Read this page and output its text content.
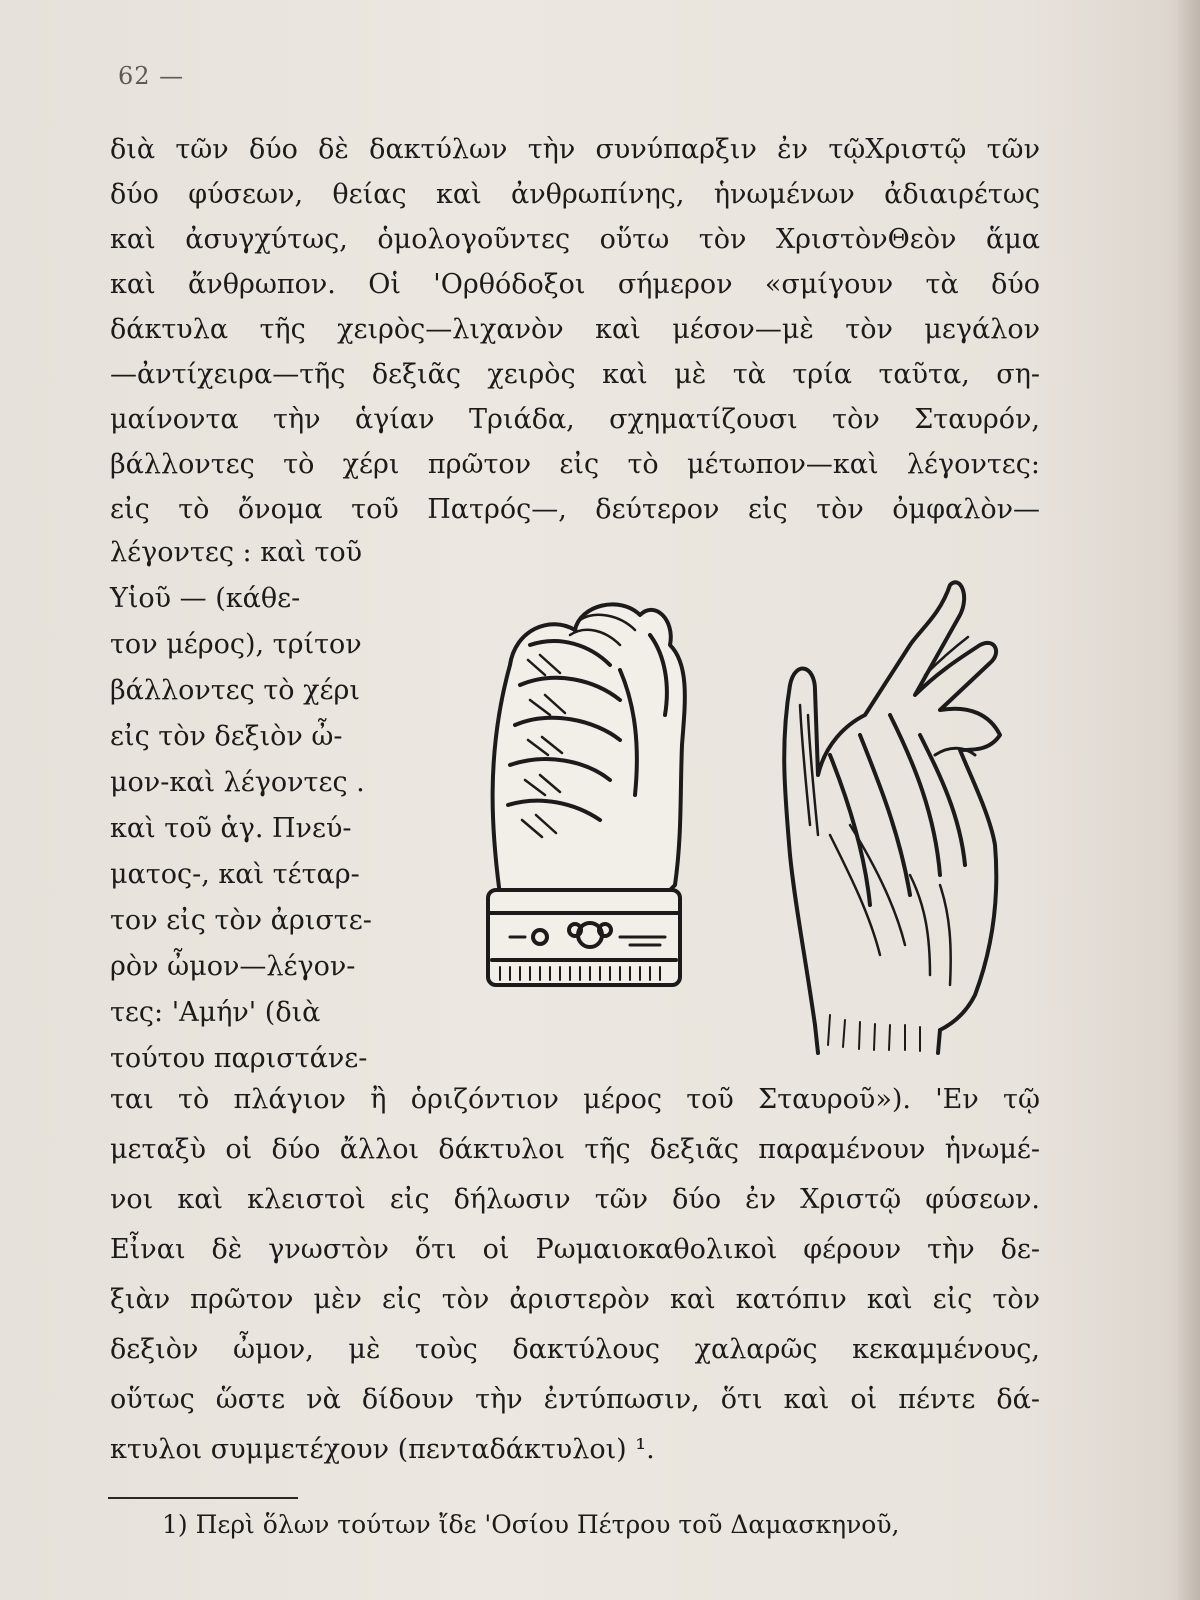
62 —
διὰ τῶν δύο δὲ δακτύλων τὴν συνύπαρξιν ἐν τῷΧριστῷ τῶν
δύο φύσεων, θείας καὶ ἀνθρωπίνης, ἡνωμένων ἀδιαιρέτως
καὶ ἀσυγχύτως, ὁμολογοῦντες οὕτω τὸν ΧριστὸνΘεὸν ἅμα
καὶ ἄνθρωπον. Οἱ 'Ορθόδοξοι σήμερον «σμίγουν τὰ δύο
δάκτυλα τῆς χειρὸς—λιχανὸν καὶ μέσον—μὲ τὸν μεγάλον
—ἀντίχειρα—τῆς δεξιᾶς χειρὸς καὶ μὲ τὰ τρία ταῦτα, ση-
μαίνοντα τὴν ἁγίαν Τριάδα, σχηματίζουσι τὸν Σταυρόν,
βάλλοντες τὸ χέρι πρῶτον εἰς τὸ μέτωπον—καὶ λέγοντες:
εἰς τὸ ὄνομα τοῦ Πατρός—, δεύτερον εἰς τὸν ὀμφαλὸν—
λέγοντες : καὶ τοῦ
Υἱοῦ — (κάθε-
τον μέρος), τρίτον
βάλλοντες τὸ χέρι
εἰς τὸν δεξιὸν ὦ-
μον-καὶ λέγοντες .
καὶ τοῦ ἁγ. Πνεύ-
ματος-, καὶ τέταρ-
τον εἰς τὸν ἀριστε-
ρὸν ὦμον—λέγον-
τες: 'Αμήν' (διὰ
τούτου παριστάνε-
ται τὸ πλάγιον ἢ ὁριζόντιον μέρος τοῦ Σταυροῦ»). 'Εν τῷ
μεταξὺ οἱ δύο ἄλλοι δάκτυλοι τῆς δεξιᾶς παραμένουν ἡνωμέ-
νοι καὶ κλειστοὶ εἰς δήλωσιν τῶν δύο ἐν Χριστῷ φύσεων.
Εἶναι δὲ γνωστὸν ὅτι οἱ Ρωμαιοκαθολικοὶ φέρουν τὴν δε-
ξιὰν πρῶτον μὲν εἰς τὸν ἀριστερὸν καὶ κατόπιν καὶ εἰς τὸν
δεξιὸν ὦμον, μὲ τοὺς δακτύλους χαλαρῶς κεκαμμένους,
οὕτως ὥστε νὰ δίδουν τὴν ἐντύπωσιν, ὅτι καὶ οἱ πέντε δά-
κτυλοι συμμετέχουν (πενταδάκτυλοι) ¹.
1) Περὶ ὅλων τούτων ἴδε 'Οσίου Πέτρου τοῦ Δαμασκηνοῦ,
